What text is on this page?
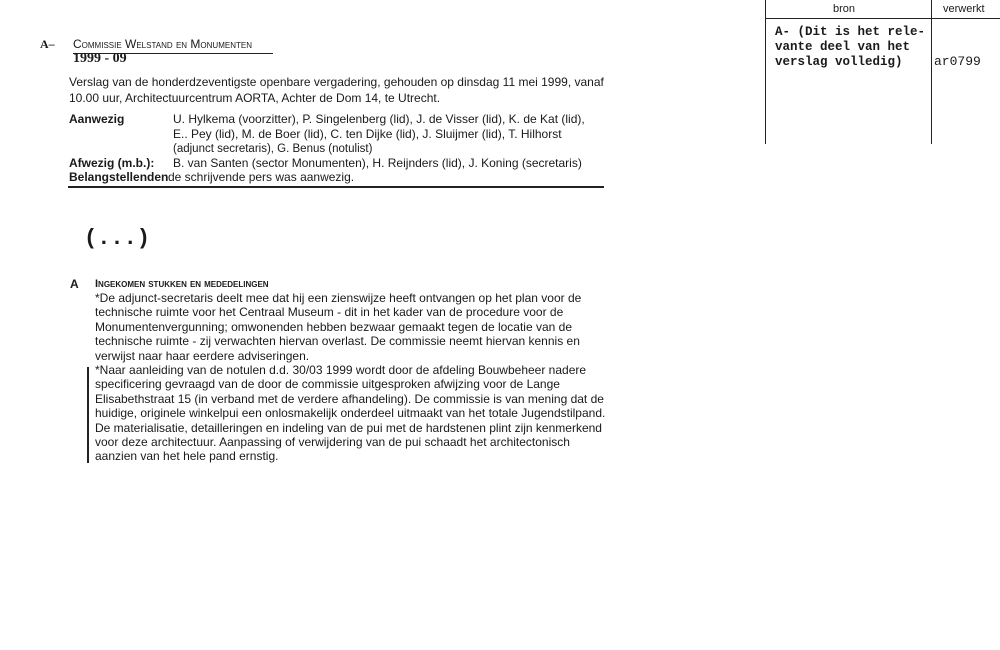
bron	verwerkt
A- (Dit is het rele-
vante deel van het
verslag volledig)	ar0799
A– Commissie Welstand en Monumenten
1999 - 09
Verslag van de honderdzeventigste openbare vergadering, gehouden op dinsdag 11 mei 1999, vanaf
10.00 uur, Architectuurcentrum AORTA, Achter de Dom 14, te Utrecht.
Aanwezig	U. Hylkema (voorzitter), P. Singelenberg (lid), J. de Visser (lid), K. de Kat (lid),
E.. Pey (lid), M. de Boer (lid), C. ten Dijke (lid), J. Sluijmer (lid), T. Hilhorst
(adjunct secretaris), G. Benus (notulist)
Afwezig (m.b.): B. van Santen (sector Monumenten), H. Reijnders (lid), J. Koning (secretaris)
Belangstellenden de schrijvende pers was aanwezig.
(...)
A Ingekomen stukken en mededelingen
*De adjunct-secretaris deelt mee dat hij een zienswijze heeft ontvangen op het plan voor de
technische ruimte voor het Centraal Museum - dit in het kader van de procedure voor de
Monumentenvergunning; omwonenden hebben bezwaar gemaakt tegen de locatie van de
technische ruimte - zij verwachten hiervan overlast. De commissie neemt hiervan kennis en
verwijst naar haar eerdere adviseringen.
*Naar aanleiding van de notulen d.d. 30/03 1999 wordt door de afdeling Bouwbeheer nadere
specificering gevraagd van de door de commissie uitgesproken afwijzing voor de Lange
Elisabethstraat 15 (in verband met de verdere afhandeling). De commissie is van mening dat de
huidige, originele winkelpui een onlosmakelijk onderdeel uitmaakt van het totale Jugendstilpand.
De materialisatie, detailleringen en indeling van de pui met de hardstenen plint zijn kenmerkend
voor deze architectuur. Aanpassing of verwijdering van de pui schaadt het architectonisch
aanzien van het hele pand ernstig.
